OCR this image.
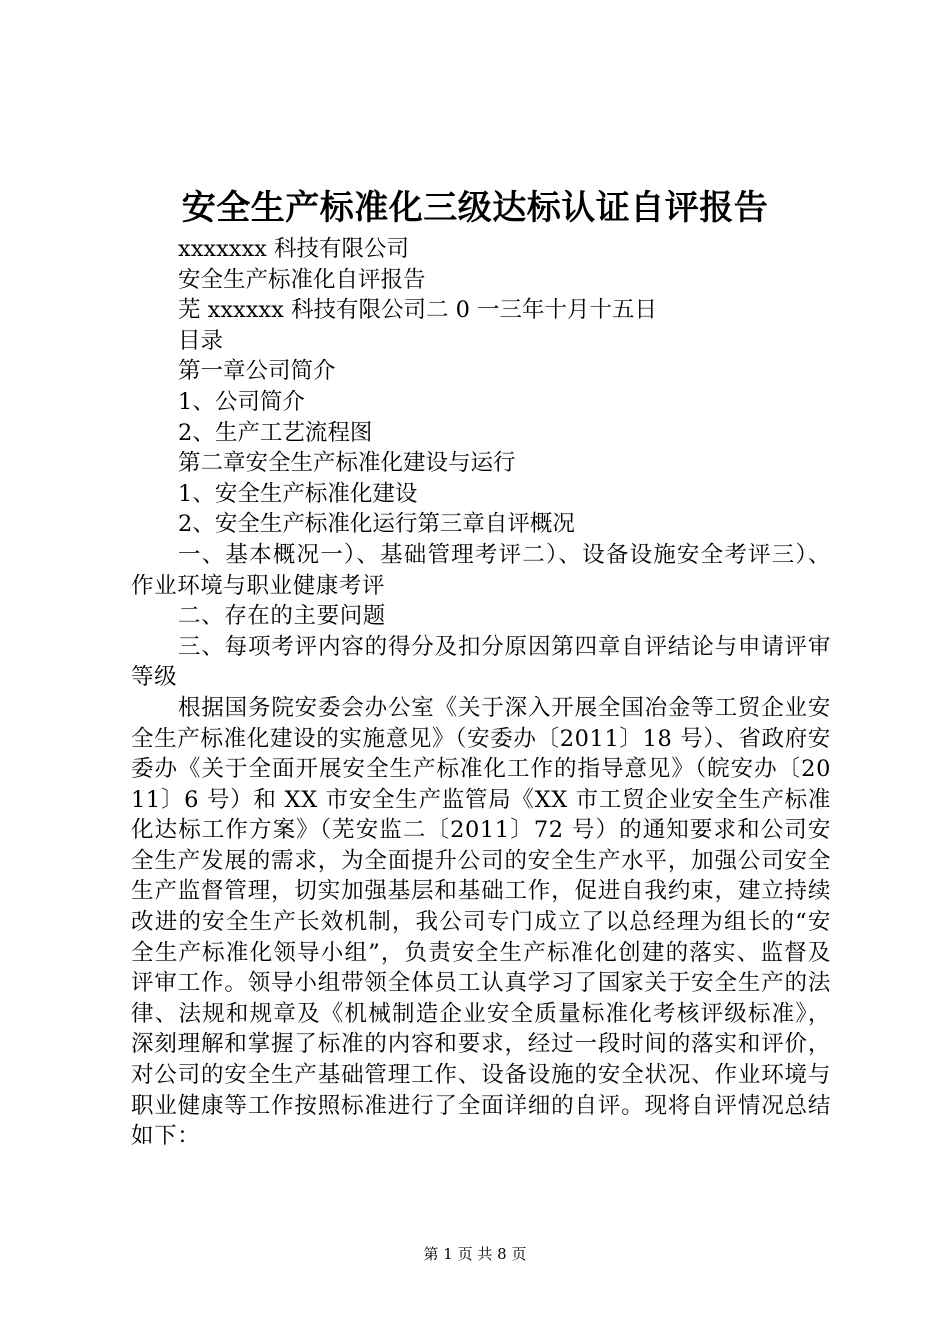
安全生产标准化三级达标认证自评报告
xxxxxxx 科技有限公司
安全生产标准化自评报告
芜 xxxxxx 科技有限公司二 0 一三年十月十五日
目录
第一章公司简介
1、公司简介
2、生产工艺流程图
第二章安全生产标准化建设与运行
1、安全生产标准化建设
2、安全生产标准化运行第三章自评概况
一、基本概况一）、基础管理考评二）、设备设施安全考评三）、作业环境与职业健康考评
二、存在的主要问题
三、每项考评内容的得分及扣分原因第四章自评结论与申请评审等级
根据国务院安委会办公室《关于深入开展全国冶金等工贸企业安全生产标准化建设的实施意见》（安委办〔2011〕18 号）、省政府安委办《关于全面开展安全生产标准化工作的指导意见》（皖安办〔2011〕6 号）和 XX 市安全生产监管局《XX 市工贸企业安全生产标准化达标工作方案》（芜安监二〔2011〕72 号）的通知要求和公司安全生产发展的需求，为全面提升公司的安全生产水平，加强公司安全生产监督管理，切实加强基层和基础工作，促进自我约束，建立持续改进的安全生产长效机制，我公司专门成立了以总经理为组长的“安全生产标准化领导小组”，负责安全生产标准化创建的落实、监督及评审工作。领导小组带领全体员工认真学习了国家关于安全生产的法律、法规和规章及《机械制造企业安全质量标准化考核评级标准》，深刻理解和掌握了标准的内容和要求，经过一段时间的落实和评价，对公司的安全生产基础管理工作、设备设施的安全状况、作业环境与职业健康等工作按照标准进行了全面详细的自评。现将自评情况总结如下：
第 1 页 共 8 页
